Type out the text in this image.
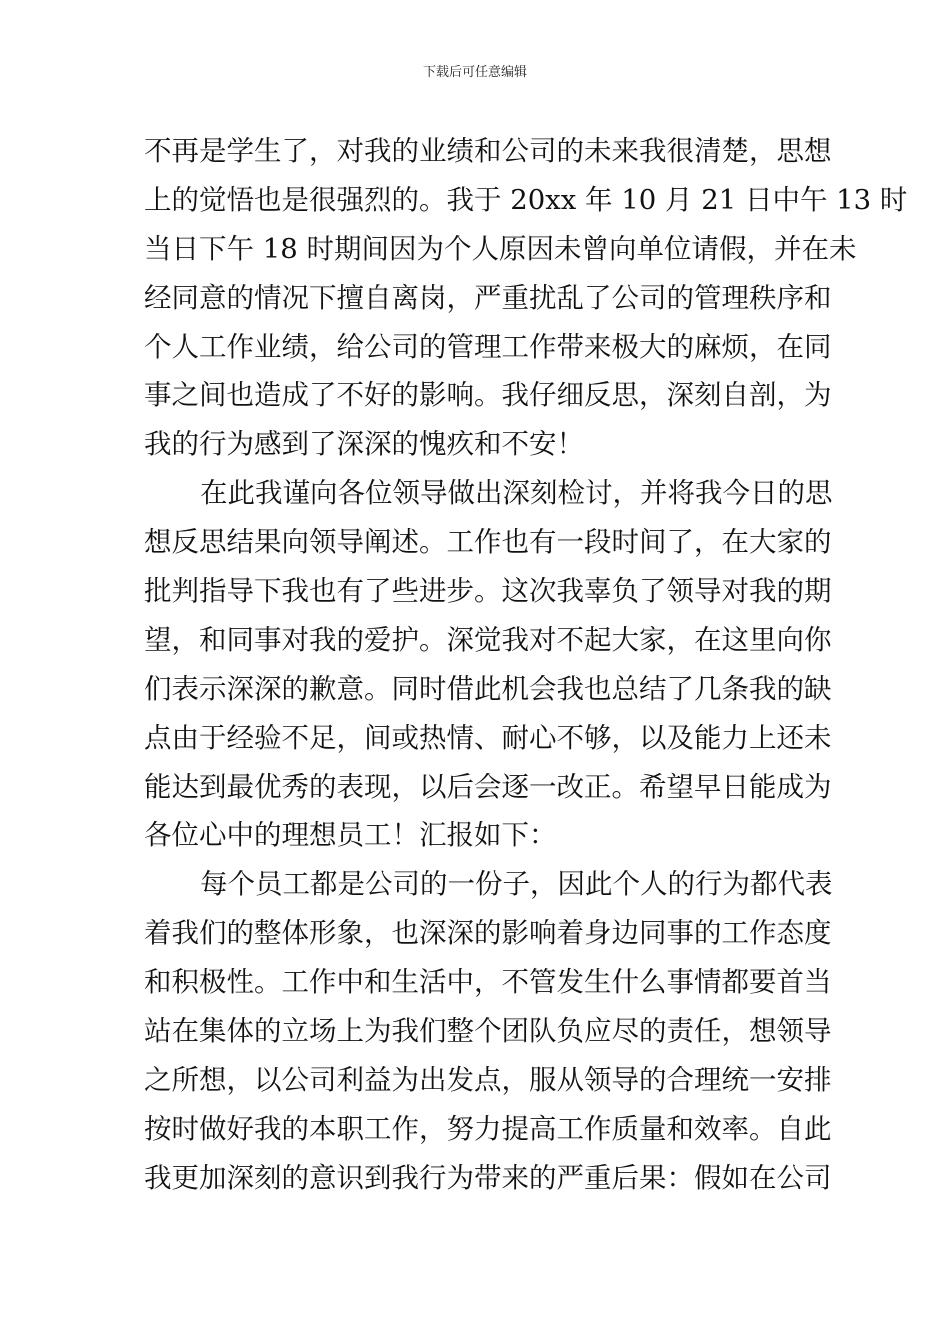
下载后可任意编辑
不再是学生了，对我的业绩和公司的未来我很清楚，思想
上的觉悟也是很强烈的。我于 20xx 年 10 月 21 日中午 13 时
当日下午 18 时期间因为个人原因未曾向单位请假，并在未
经同意的情况下擅自离岗，严重扰乱了公司的管理秩序和
个人工作业绩，给公司的管理工作带来极大的麻烦，在同
事之间也造成了不好的影响。我仔细反思，深刻自剖，为
我的行为感到了深深的愧疚和不安！
在此我谨向各位领导做出深刻检讨，并将我今日的思
想反思结果向领导阐述。工作也有一段时间了，在大家的
批判指导下我也有了些进步。这次我辜负了领导对我的期
望，和同事对我的爱护。深觉我对不起大家，在这里向你
们表示深深的歉意。同时借此机会我也总结了几条我的缺
点由于经验不足，间或热情、耐心不够，以及能力上还未
能达到最优秀的表现，以后会逐一改正。希望早日能成为
各位心中的理想员工！汇报如下：
每个员工都是公司的一份子，因此个人的行为都代表
着我们的整体形象，也深深的影响着身边同事的工作态度
和积极性。工作中和生活中，不管发生什么事情都要首当
站在集体的立场上为我们整个团队负应尽的责任，想领导
之所想，以公司利益为出发点，服从领导的合理统一安排
按时做好我的本职工作，努力提高工作质量和效率。自此
我更加深刻的意识到我行为带来的严重后果：假如在公司
